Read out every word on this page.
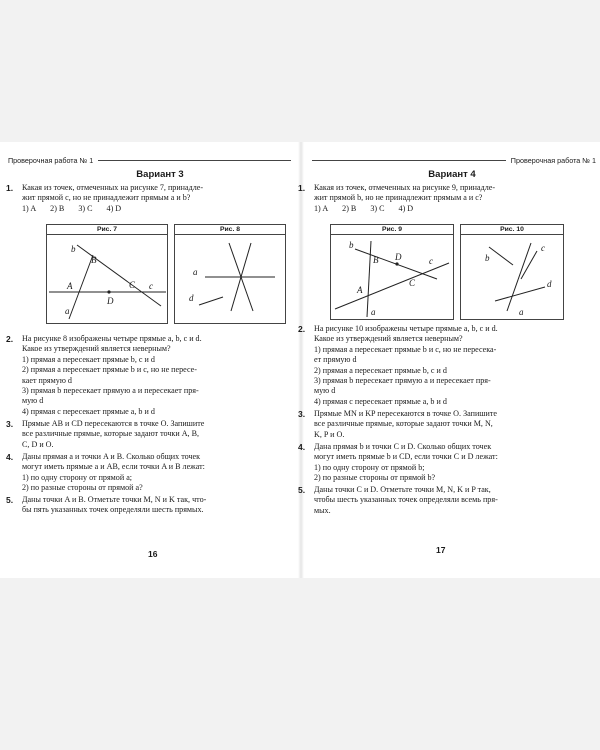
Проверочная работа № 1
Вариант 3
1.	Какая из точек, отмеченных на рисунке 7, принадле-
жит прямой c, но не принадлежит прямым a и b?
1) A 2) B 3) C 4) D
Рис. 7
b
B
A
D
C c
a
Рис. 8
a
d
2.	На рисунке 8 изображены четыре прямые a, b, c и d.
Какое из утверждений является неверным?
1) прямая a пересекает прямые b, c и d
2) прямая a пересекает прямые b и c, но не пересе-
кает прямую d
3) прямая b пересекает прямую a и пересекает пря-
мую d
4) прямая c пересекает прямые a, b и d
3.	Прямые AB и CD пересекаются в точке O. Запишите
все различные прямые, которые задают точки A, B,
C, D и O.
4.	Даны прямая a и точки A и B. Сколько общих точек
могут иметь прямые a и AB, если точки A и B лежат:
1) по одну сторону от прямой a;
2) по разные стороны от прямой a?
5.	Даны точки A и B. Отметьте точки M, N и K так, что-
бы пять указанных точек определяли шесть прямых.
16
Проверочная работа № 1
Вариант 4
1.	Какая из точек, отмеченных на рисунке 9, принадле-
жит прямой b, но не принадлежит прямым a и c?
1) A 2) B 3) C 4) D
Рис. 9
b
B D	c
A
C
a
Рис. 10
c
b
d
a
2.	На рисунке 10 изображены четыре прямые a, b, c и d.
Какое из утверждений является неверным?
1) прямая a пересекает прямые b и c, но не пересека-
ет прямую d
2) прямая a пересекает прямые b, c и d
3) прямая b пересекает прямую a и пересекает пря-
мую d
4) прямая c пересекает прямые a, b и d
3.	Прямые MN и KP пересекаются в точке O. Запишите
все различные прямые, которые задают точки M, N,
K, P и O.
4.	Дана прямая b и точки C и D. Сколько общих точек
могут иметь прямые b и CD, если точки C и D лежат:
1) по одну сторону от прямой b;
2) по разные стороны от прямой b?
5.	Даны точки C и D. Отметьте точки M, N, K и P так,
чтобы шесть указанных точек определяли всемь пря-
мых.
17
